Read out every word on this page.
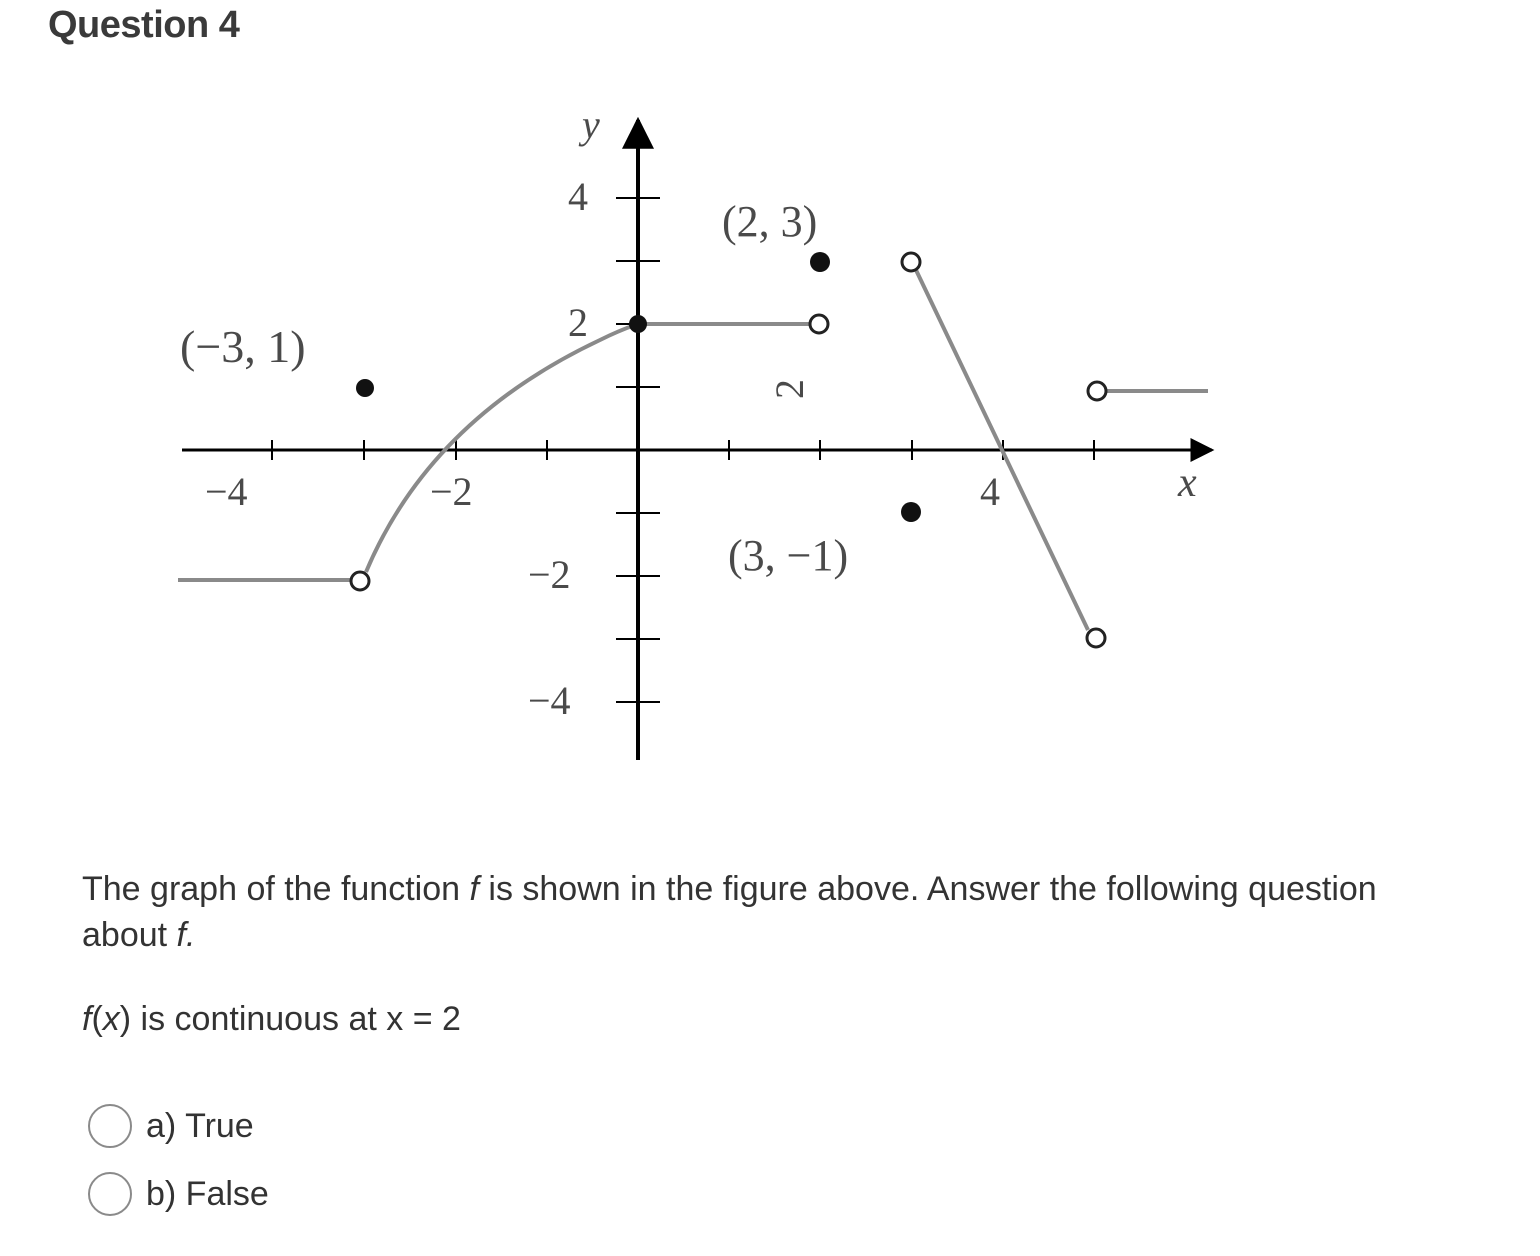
Question 4
y
x
−4	−2
2
4
4
2
−2
−4
(−3, 1)
(2, 3)
(3, −1)

The graph of the function f is shown in the figure above. Answer the following question about f.

f(x) is continuous at x = 2

a) True
b) False
